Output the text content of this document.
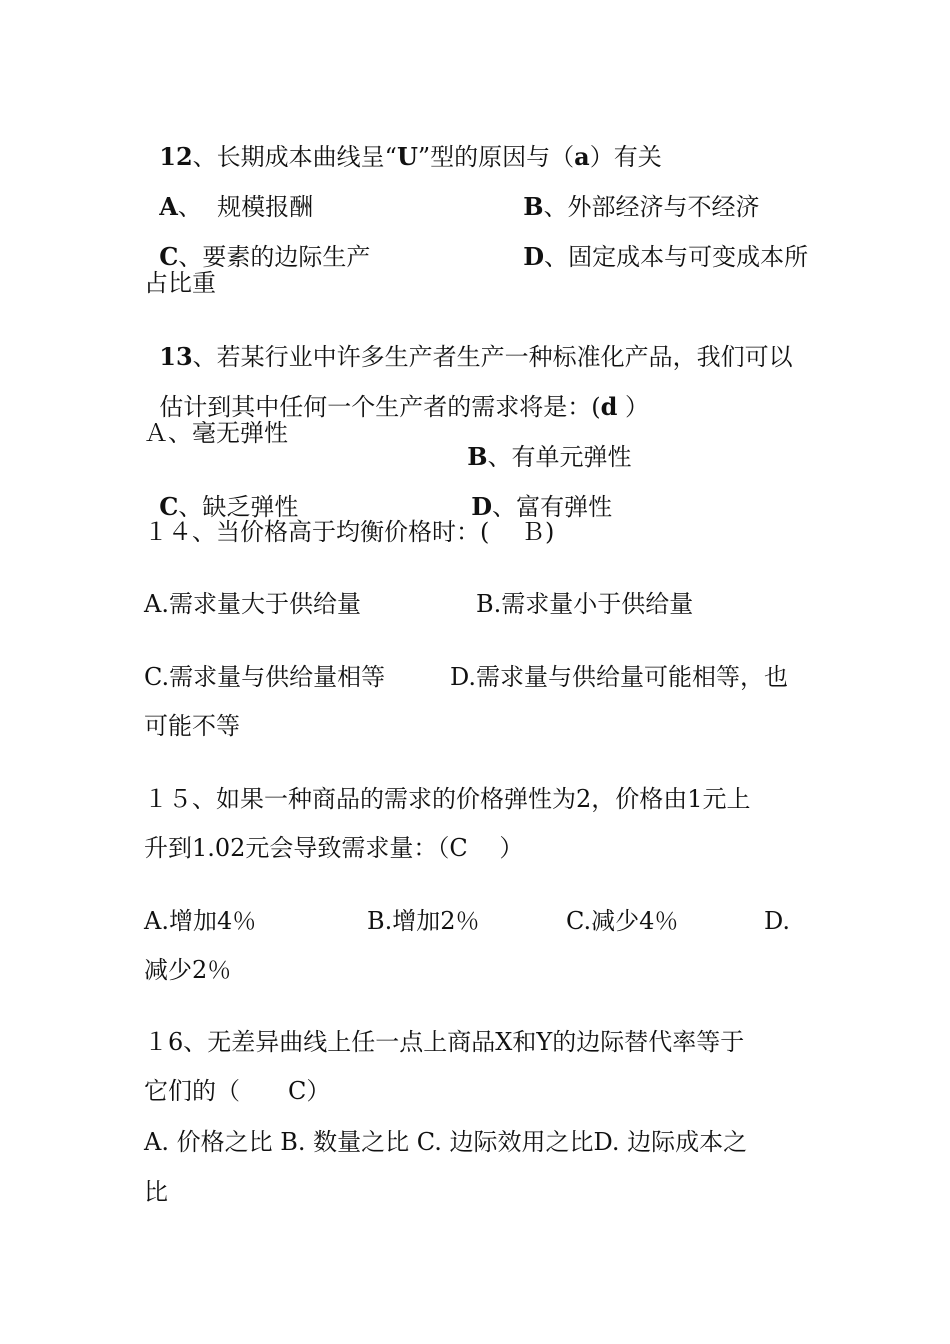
12、长期成本曲线呈“U”型的原因与（a）有关

A、  规模报酬	B、外部经济与不经济

C、要素的边际生产	D、固定成本与可变成本所

占比重

13、若某行业中许多生产者生产一种标准化产品，我们可以

估计到其中任何一个生产者的需求将是：(d ）

Ａ、毫无弹性

B、有单元弹性

C、缺乏弹性	D、富有弹性

１４、当价格高于均衡价格时：(　 Ｂ)
A.需求量大于供给量	B.需求量小于供给量
C.需求量与供给量相等	D.需求量与供给量可能相等，也
可能不等
１５、如果一种商品的需求的价格弹性为2，价格由1元上
升到1.02元会导致需求量：（C　 ）
A.增加4％	B.增加2％	C.减少4％	D.
减少2％
１6、无差异曲线上任一点上商品X和Y的边际替代率等于
它们的（　　C）
A. 价格之比 B. 数量之比 C. 边际效用之比D. 边际成本之
比
